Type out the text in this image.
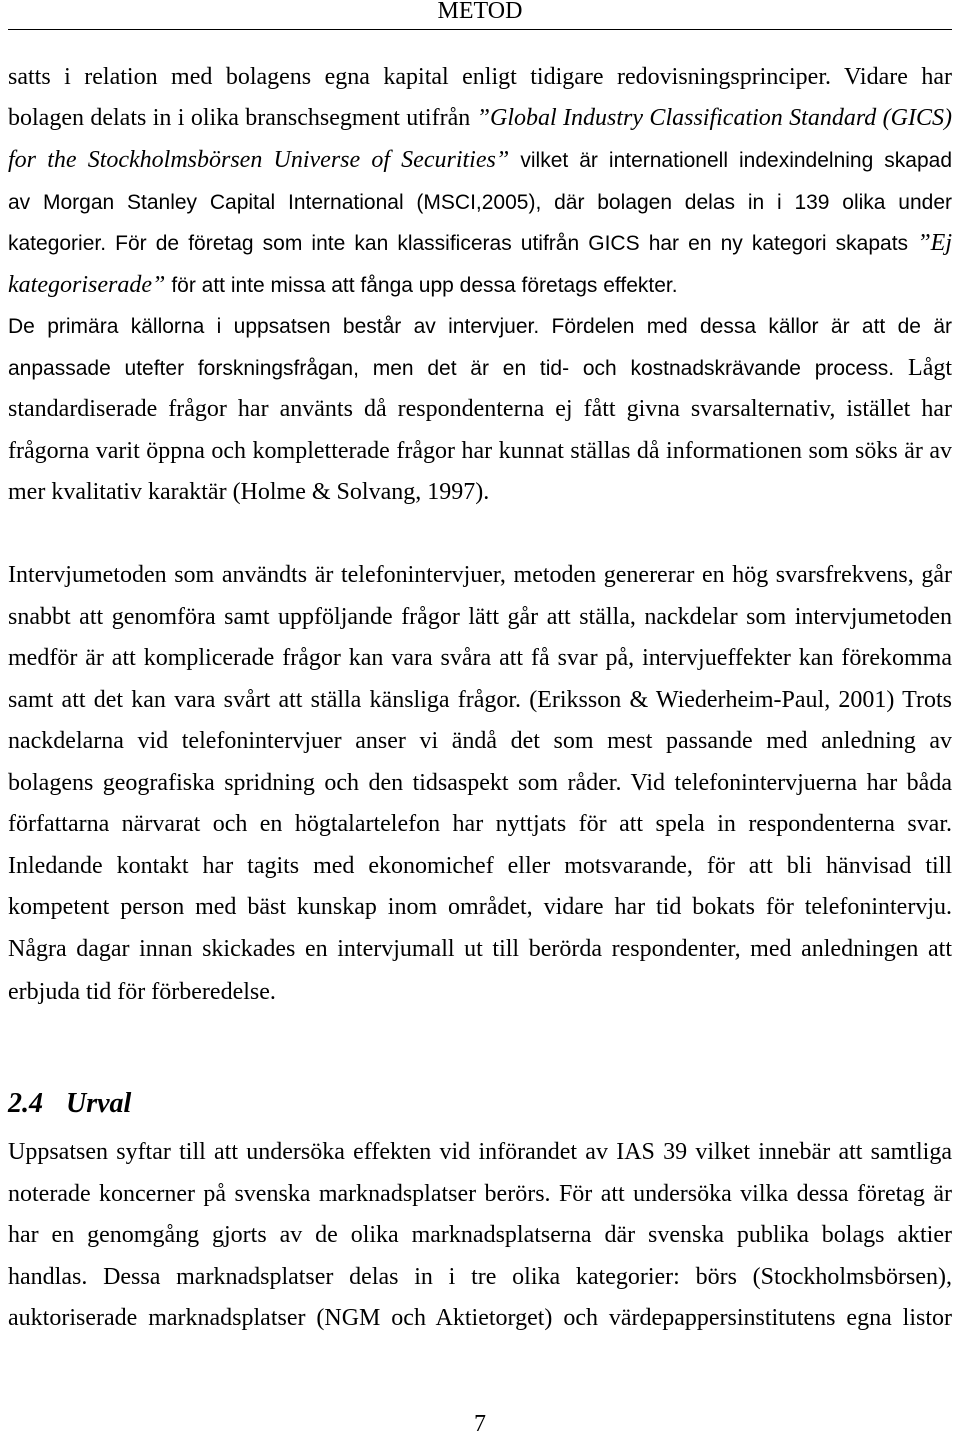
METOD
satts i relation med bolagens egna kapital enligt tidigare redovisningsprinciper. Vidare har
bolagen delats in i olika branschsegment utifrån ”Global Industry Classification Standard (GICS)
for the Stockholmsbörsen Universe of Securities” vilket är internationell indexindelning skapad
av Morgan Stanley Capital International (MSCI,2005), där bolagen delas in i 139 olika under
kategorier. För de företag som inte kan klassificeras utifrån GICS har en ny kategori skapats ”Ej
kategoriserade” för att inte missa att fånga upp dessa företags effekter.
De primära källorna i uppsatsen består av intervjuer. Fördelen med dessa källor är att de är
anpassade utefter forskningsfrågan, men det är en tid- och kostnadskrävande process. Lågt
standardiserade frågor har använts då respondenterna ej fått givna svarsalternativ, istället har
frågorna varit öppna och kompletterade frågor har kunnat ställas då informationen som söks är av
mer kvalitativ karaktär (Holme & Solvang, 1997).
Intervjumetoden som användts är telefonintervjuer, metoden genererar en hög svarsfrekvens, går
snabbt att genomföra samt uppföljande frågor lätt går att ställa, nackdelar som intervjumetoden
medför är att komplicerade frågor kan vara svåra att få svar på, intervjueffekter kan förekomma
samt att det kan vara svårt att ställa känsliga frågor. (Eriksson & Wiederheim-Paul, 2001) Trots
nackdelarna vid telefonintervjuer anser vi ändå det som mest passande med anledning av
bolagens geografiska spridning och den tidsaspekt som råder. Vid telefonintervjuerna har båda
författarna närvarat och en högtalartelefon har nyttjats för att spela in respondenterna svar.
Inledande kontakt har tagits med ekonomichef eller motsvarande, för att bli hänvisad till
kompetent person med bäst kunskap inom området, vidare har tid bokats för telefonintervju.
Några dagar innan skickades en intervjumall ut till berörda respondenter, med anledningen att
erbjuda tid för förberedelse.
2.4 Urval
Uppsatsen syftar till att undersöka effekten vid införandet av IAS 39 vilket innebär att samtliga
noterade koncerner på svenska marknadsplatser berörs. För att undersöka vilka dessa företag är
har en genomgång gjorts av de olika marknadsplatserna där svenska publika bolags aktier
handlas. Dessa marknadsplatser delas in i tre olika kategorier: börs (Stockholmsbörsen),
auktoriserade marknadsplatser (NGM och Aktietorget) och värdepappersinstitutens egna listor
7
